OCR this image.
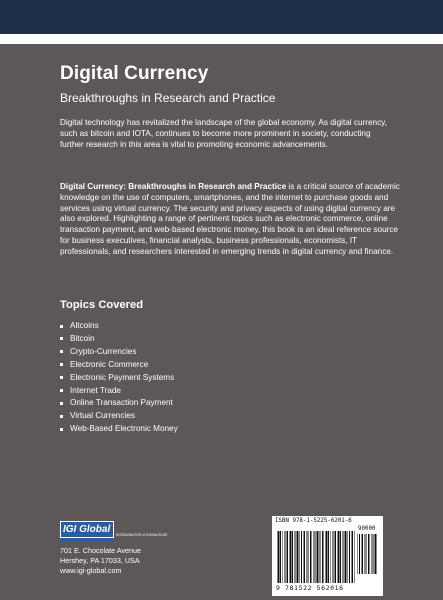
Digital Currency

Breakthroughs in Research and Practice

Digital technology has revitalized the landscape of the global economy. As digital currency, such as bitcoin and IOTA, continues to become more prominent in society, conducting further research in this area is vital to promoting economic advancements.

Digital Currency: Breakthroughs in Research and Practice is a critical source of academic knowledge on the use of computers, smartphones, and the internet to purchase goods and services using virtual currency. The security and privacy aspects of using digital currency are also explored. Highlighting a range of pertinent topics such as electronic commerce, online transaction payment, and web-based electronic money, this book is an ideal reference source for business executives, financial analysts, business professionals, economists, IT professionals, and researchers interested in emerging trends in digital currency and finance.

Topics Covered
Altcoins
Bitcoin
Crypto-Currencies
Electronic Commerce
Electronic Payment Systems
Internet Trade
Online Transaction Payment
Virtual Currencies
Web-Based Electronic Money
IGI Global DISSEMINATOR of KNOWLEDGE
701 E. Chocolate Avenue
Hershey, PA 17033, USA
www.igi-global.com
ISBN 978-1-5225-6201-6
90000
9 781522 562016
